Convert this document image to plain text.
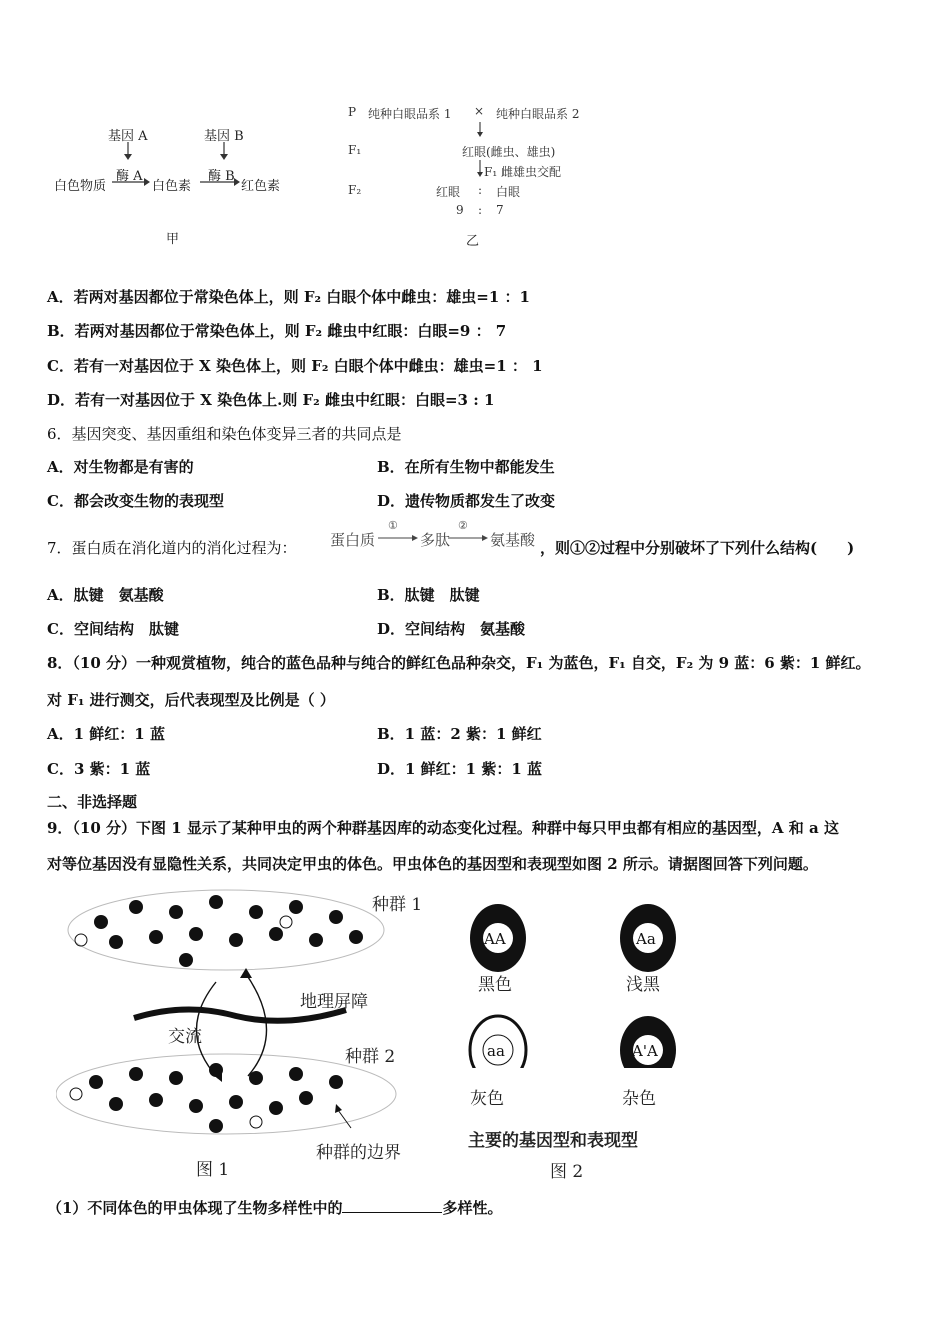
基因 A	基因 B
酶 A	酶 B
白色物质	白色素	红色素
甲
P 纯种白眼品系 1 × 纯种白眼品系 2
F₁	红眼(雌虫、雄虫)
F₁ 雌雄虫交配
F₂	红眼 : 白眼
9 : 7
乙
A．若两对基因都位于常染色体上，则 F₂ 白眼个体中雌虫：雄虫=1 ：1
B．若两对基因都位于常染色体上，则 F₂ 雌虫中红眼：白眼=9 ： 7
C．若有一对基因位于 X 染色体上，则 F₂ 白眼个体中雌虫：雄虫=1 ： 1
D．若有一对基因位于 X 染色体上.则 F₂ 雌虫中红眼：白眼=3 : 1
6．基因突变、基因重组和染色体变异三者的共同点是
A．对生物都是有害的	B．在所有生物中都能发生
C．都会改变生物的表现型	D．遗传物质都发生了改变
7．蛋白质在消化道内的消化过程为： 蛋白质
①
多肽
②
氨基酸 ，则①②过程中分别破坏了下列什么结构(　　)
A．肽键　氨基酸	B．肽键　肽键
C．空间结构　肽键	D．空间结构　氨基酸
8．（10 分）一种观赏植物，纯合的蓝色品种与纯合的鲜红色品种杂交，F₁ 为蓝色，F₁ 自交，F₂ 为 9 蓝：6 紫：1 鲜红。
对 F₁ 进行测交，后代表现型及比例是（ ）
A．1 鲜红：1 蓝	B．1 蓝：2 紫：1 鲜红
C．3 紫：1 蓝	D．1 鲜红：1 紫：1 蓝
二、非选择题
9．（10 分）下图 1 显示了某种甲虫的两个种群基因库的动态变化过程。种群中每只甲虫都有相应的基因型，A 和 a 这
对等位基因没有显隐性关系，共同决定甲虫的体色。甲虫体色的基因型和表现型如图 2 所示。请据图回答下列问题。
种群 1
地理屏障
交流
种群 2
种群的边界
图 1
AA	Aa
aa	A'A
黑色	浅黑
灰色	杂色
主要的基因型和表现型
图 2
（1）不同体色的甲虫体现了生物多样性中的	多样性。
